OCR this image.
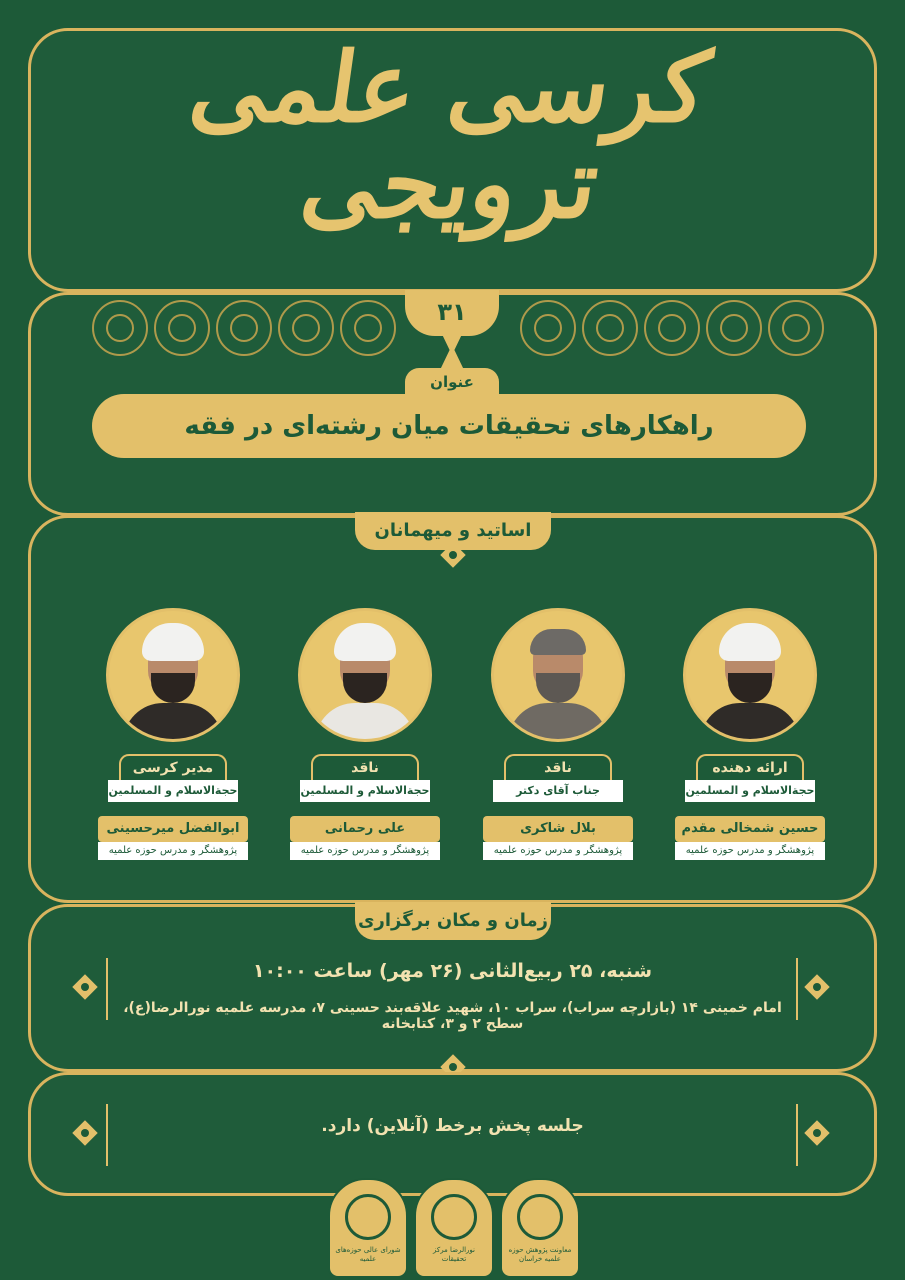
کرسی علمی
ترویجی
۳۱
عنوان
راهکارهای تحقیقات میان رشته‌ای در فقه
اساتید و میهمانان
ارائه دهنده
حجةالاسلام و المسلمین
حسین شمخالی مقدم
پژوهشگر و مدرس حوزه علمیه
ناقد
جناب آقای دکتر
بلال شاکری
پژوهشگر و مدرس حوزه علمیه
ناقد
حجةالاسلام و المسلمین
علی رحمانی
پژوهشگر و مدرس حوزه علمیه
مدیر کرسی
حجةالاسلام و المسلمین
ابوالفضل میرحسینی
پژوهشگر و مدرس حوزه علمیه
زمان و مکان برگزاری
شنبه، ۲۵ ربیع‌الثانی (۲۶ مهر) ساعت ۱۰:۰۰
امام خمینی ۱۴ (بازارچه سراب)، سراب ۱۰، شهید علاقه‌بند حسینی ۷، مدرسه علمیه نورالرضا(ع)، سطح ۲ و ۳، کتابخانه
جلسه پخش برخط (آنلاین) دارد.
معاونت پژوهش حوزه علمیه خراسان
نورالرضا مرکز تحقیقات
شورای عالی حوزه‌های علمیه
